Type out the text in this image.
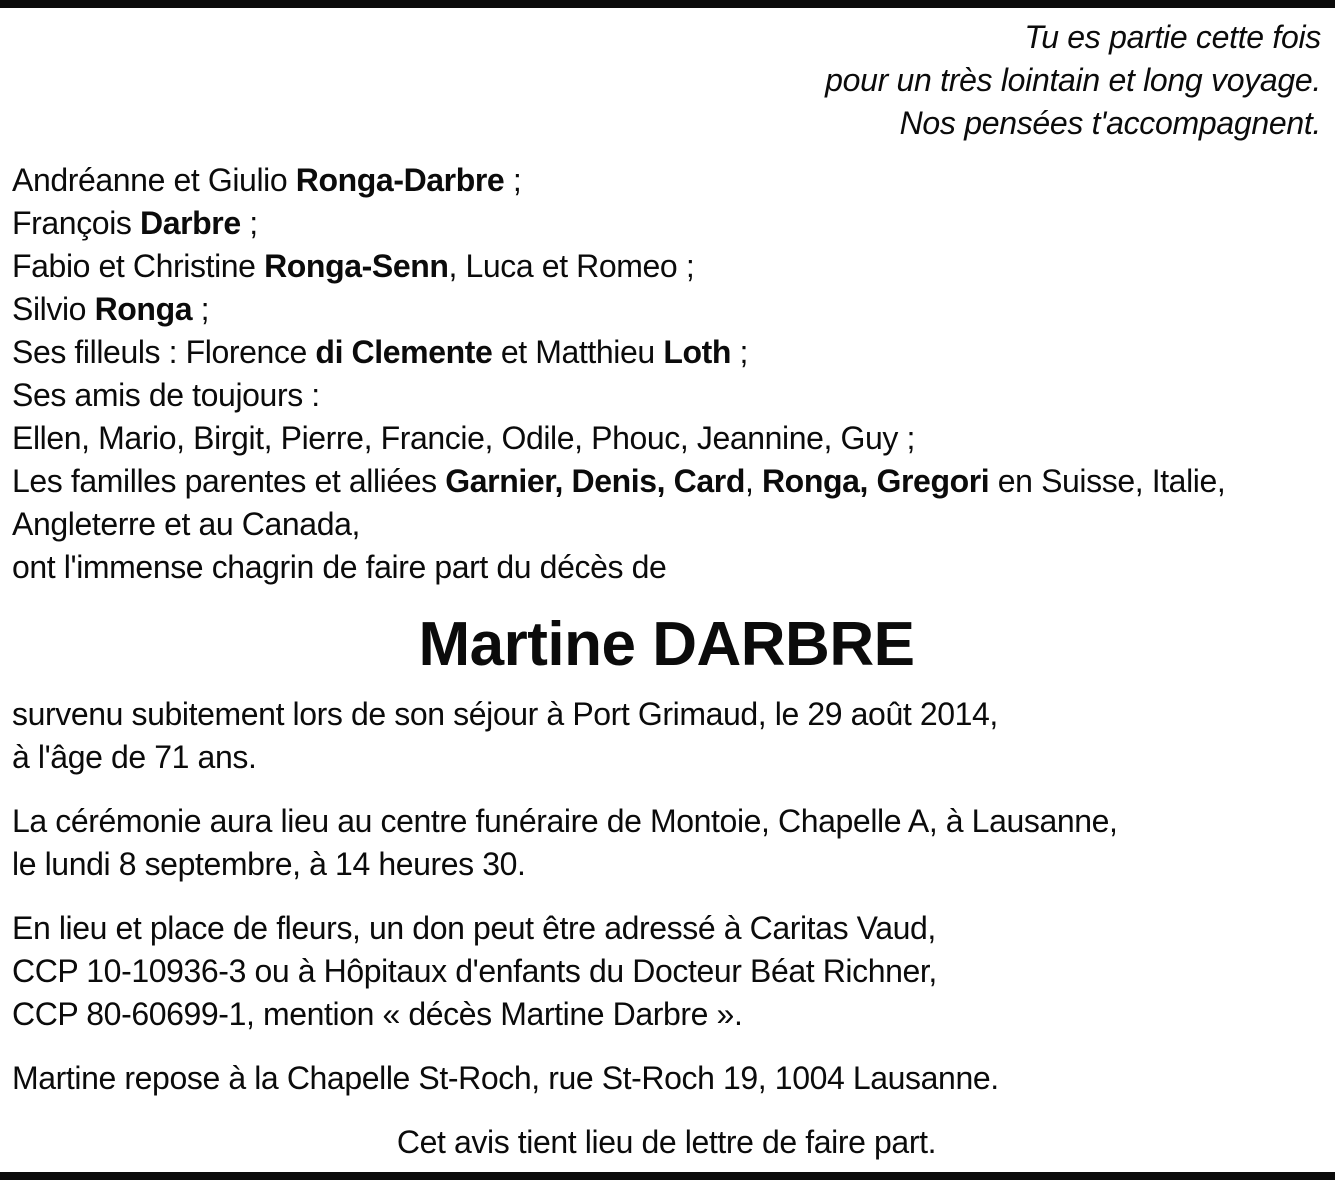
Tu es partie cette fois
pour un très lointain et long voyage.
Nos pensées t'accompagnent.
Andréanne et Giulio Ronga-Darbre ;
François Darbre ;
Fabio et Christine Ronga-Senn, Luca et Romeo ;
Silvio Ronga ;
Ses filleuls : Florence di Clemente et Matthieu Loth ;
Ses amis de toujours :
Ellen, Mario, Birgit, Pierre, Francie, Odile, Phouc, Jeannine, Guy ;
Les familles parentes et alliées Garnier, Denis, Card, Ronga, Gregori en Suisse, Italie,
Angleterre et au Canada,
ont l'immense chagrin de faire part du décès de
Martine DARBRE
survenu subitement lors de son séjour à Port Grimaud, le 29 août 2014,
à l'âge de 71 ans.
La cérémonie aura lieu au centre funéraire de Montoie, Chapelle A, à Lausanne,
le lundi 8 septembre, à 14 heures 30.
En lieu et place de fleurs, un don peut être adressé à Caritas Vaud,
CCP 10-10936-3 ou à Hôpitaux d'enfants du Docteur Béat Richner,
CCP 80-60699-1, mention « décès Martine Darbre ».
Martine repose à la Chapelle St-Roch, rue St-Roch 19, 1004 Lausanne.
Cet avis tient lieu de lettre de faire part.
